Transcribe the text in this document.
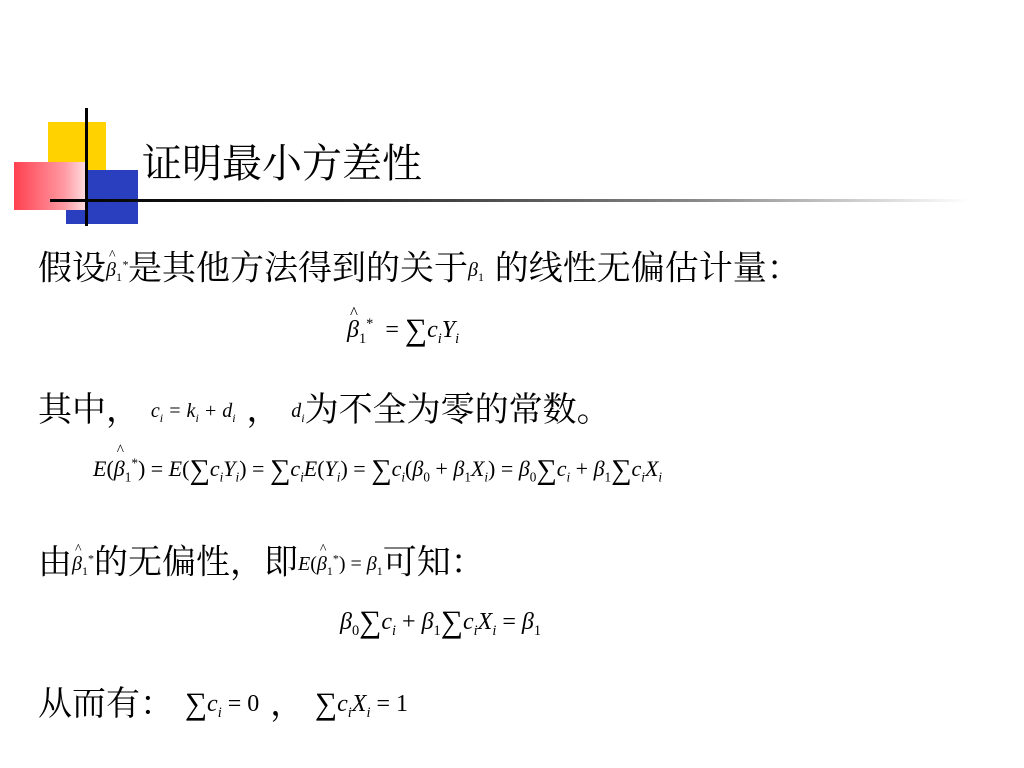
证明最小方差性
假设^ $\beta_1^*$是其他方法得到的关于$\beta_1$ 的线性无偏估计量：
^ $\beta_1^* = \sum c_iY_i$
其中， $c_i = k_i + d_i$ ， $d_i$为不全为零的常数。
E(^ $\beta_1^*) = E(\sum c_iY_i) = \sum c_iE(Y_i) = \sum c_i(\beta_0 + \beta_1X_i) = \beta_0\sum c_i + \beta_1\sum c_iX_i$
由^ $\beta_1^*$的无偏性，即E(^ $\beta_1^*) = \beta_1$可知：
$\beta_0\sum c_i + \beta_1\sum c_iX_i = \beta_1$
从而有： $\sum c_i = 0$ ， $\sum c_iX_i = 1$
